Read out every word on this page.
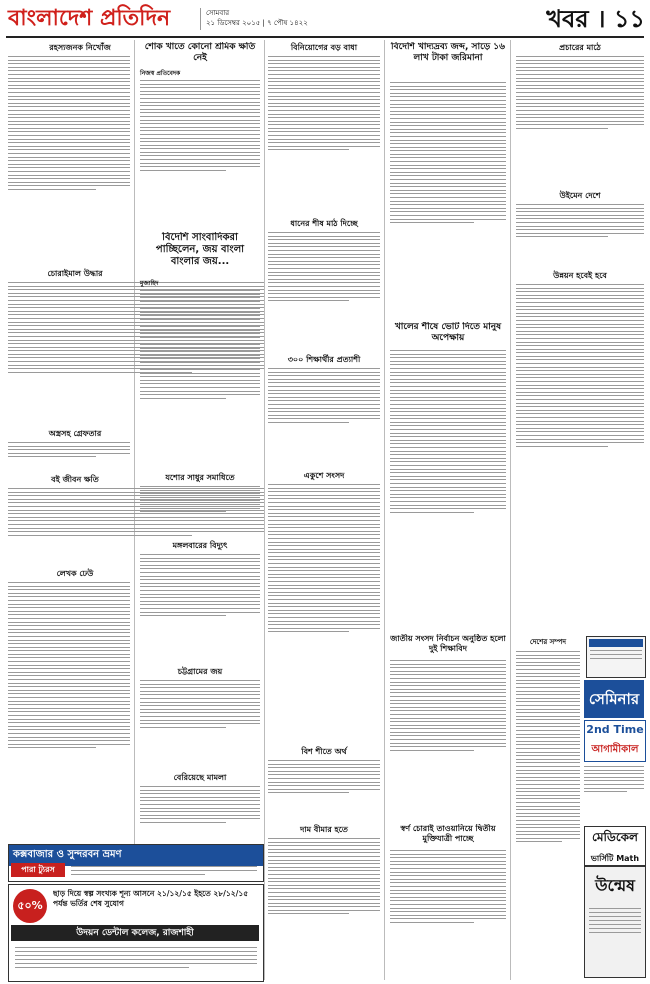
বাংলাদেশ প্রতিদিন	সোমবার
২১ ডিসেম্বর ২০১৫ | ৭ পৌষ ১৪২২	খবর । ১১
রহস্যজনক নিখোঁজ
চোরাইমাল উদ্ধার
অস্ত্রসহ গ্রেফতার
বই জীবন ক্ষতি
লেখক ঢেউ
শোক খাতে কোনো শ্রমিক ক্ষতি নেই
নিজস্ব প্রতিবেদক
বিদেশি সাংবাদিকরা পাচ্ছিলেন, জয় বাংলা বাংলার জয়...
মুজাহিদ
যশোর সাধুর সমাধিতে
মঙ্গলবারের বিদ্যুৎ
চট্টগ্রামের জয়
বেরিয়েছে মামলা
বিনিয়োগের বড় বাধা
ধানের শীষ মাঠ দিচ্ছে
৩০০ শিক্ষার্থীর প্রত্যাশী
একুশে সংসদ
বিশ শীতে অর্থ
দাম বীমার হতে
বিদেশি খাদ্যদ্রব্য জব্দ, সাড়ে ১৬ লাখ টাকা জরিমানা
খালের শীষে ভোট দিতে মানুষ অপেক্ষায়
জাতীয় সংসদ নির্বাচন অনুষ্ঠিত হলো দুই শিক্ষাবিদ
স্বর্ণ চোরাই তাওয়ানিয়ে দ্বিতীয় মুক্তিযাত্রী পাচ্ছে
প্রচারের মাঠে
উইমেন দেশে
উন্নয়ন হবেই হবে
সেমিনার
2nd Time
আগামীকাল
মেডিকেল
ভার্সিটি Math
উন্মেষ
দেশের সম্পদ
কক্সবাজার ও সুন্দরবন ভ্রমণ
পারা ট্যুরস
৫০%
ছাড় দিয়ে স্বল্প সংখ্যক শূন্য আসনে ২১/১২/১৫ ইহতে ২৮/১২/১৫ পর্যন্ত ভর্তির শেষ সুযোগ
উদয়ন ডেন্টাল কলেজ, রাজশাহী
